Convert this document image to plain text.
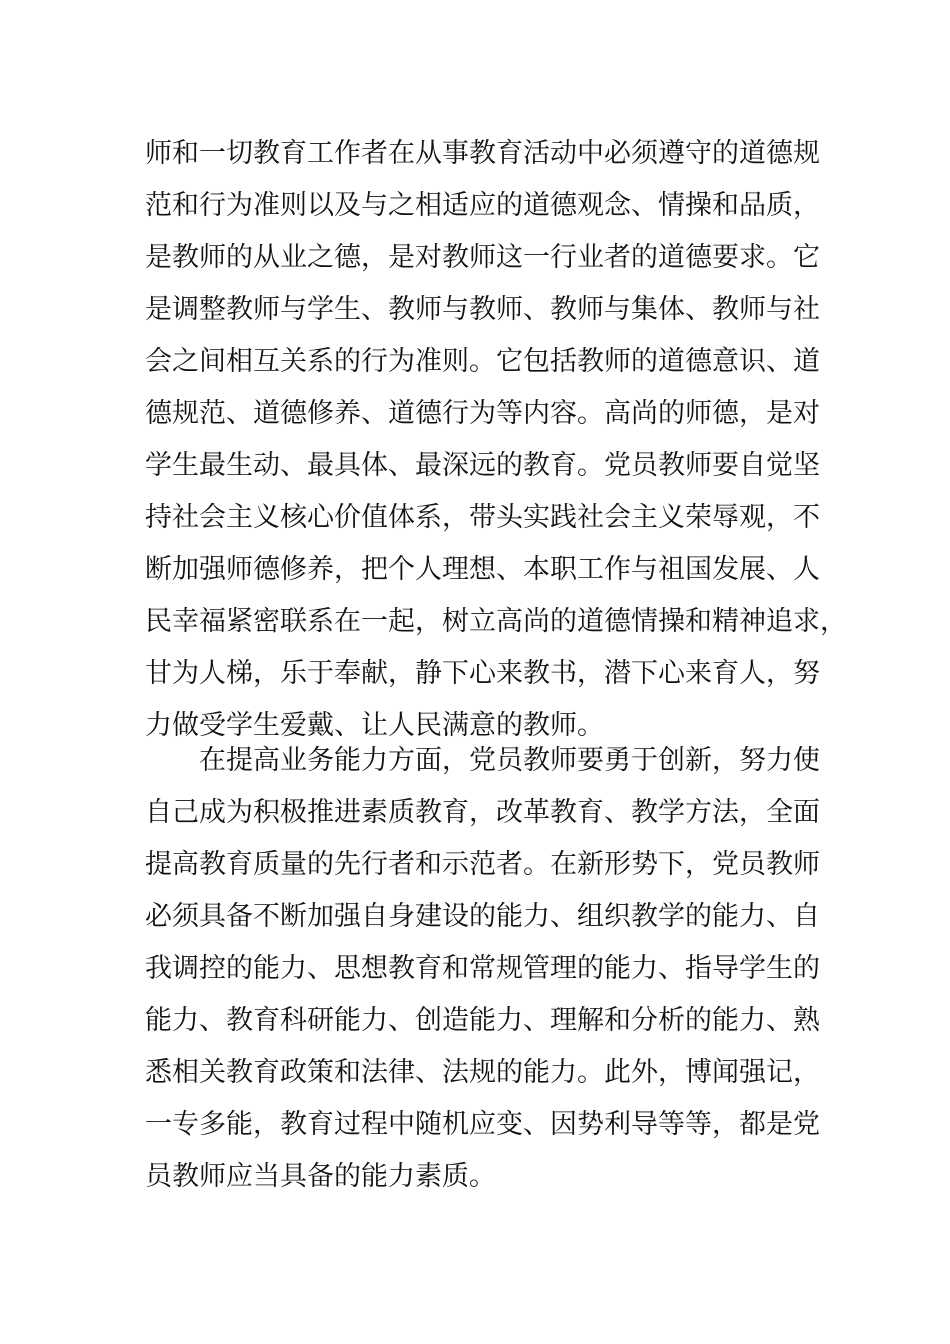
师和一切教育工作者在从事教育活动中必须遵守的道德规
范和行为准则以及与之相适应的道德观念、情操和品质，
是教师的从业之德，是对教师这一行业者的道德要求。它
是调整教师与学生、教师与教师、教师与集体、教师与社
会之间相互关系的行为准则。它包括教师的道德意识、道
德规范、道德修养、道德行为等内容。高尚的师德，是对
学生最生动、最具体、最深远的教育。党员教师要自觉坚
持社会主义核心价值体系，带头实践社会主义荣辱观，不
断加强师德修养，把个人理想、本职工作与祖国发展、人
民幸福紧密联系在一起，树立高尚的道德情操和精神追求，
甘为人梯，乐于奉献，静下心来教书，潜下心来育人，努
力做受学生爱戴、让人民满意的教师。
在提高业务能力方面，党员教师要勇于创新，努力使
自己成为积极推进素质教育，改革教育、教学方法，全面
提高教育质量的先行者和示范者。在新形势下，党员教师
必须具备不断加强自身建设的能力、组织教学的能力、自
我调控的能力、思想教育和常规管理的能力、指导学生的
能力、教育科研能力、创造能力、理解和分析的能力、熟
悉相关教育政策和法律、法规的能力。此外，博闻强记，
一专多能，教育过程中随机应变、因势利导等等，都是党
员教师应当具备的能力素质。
